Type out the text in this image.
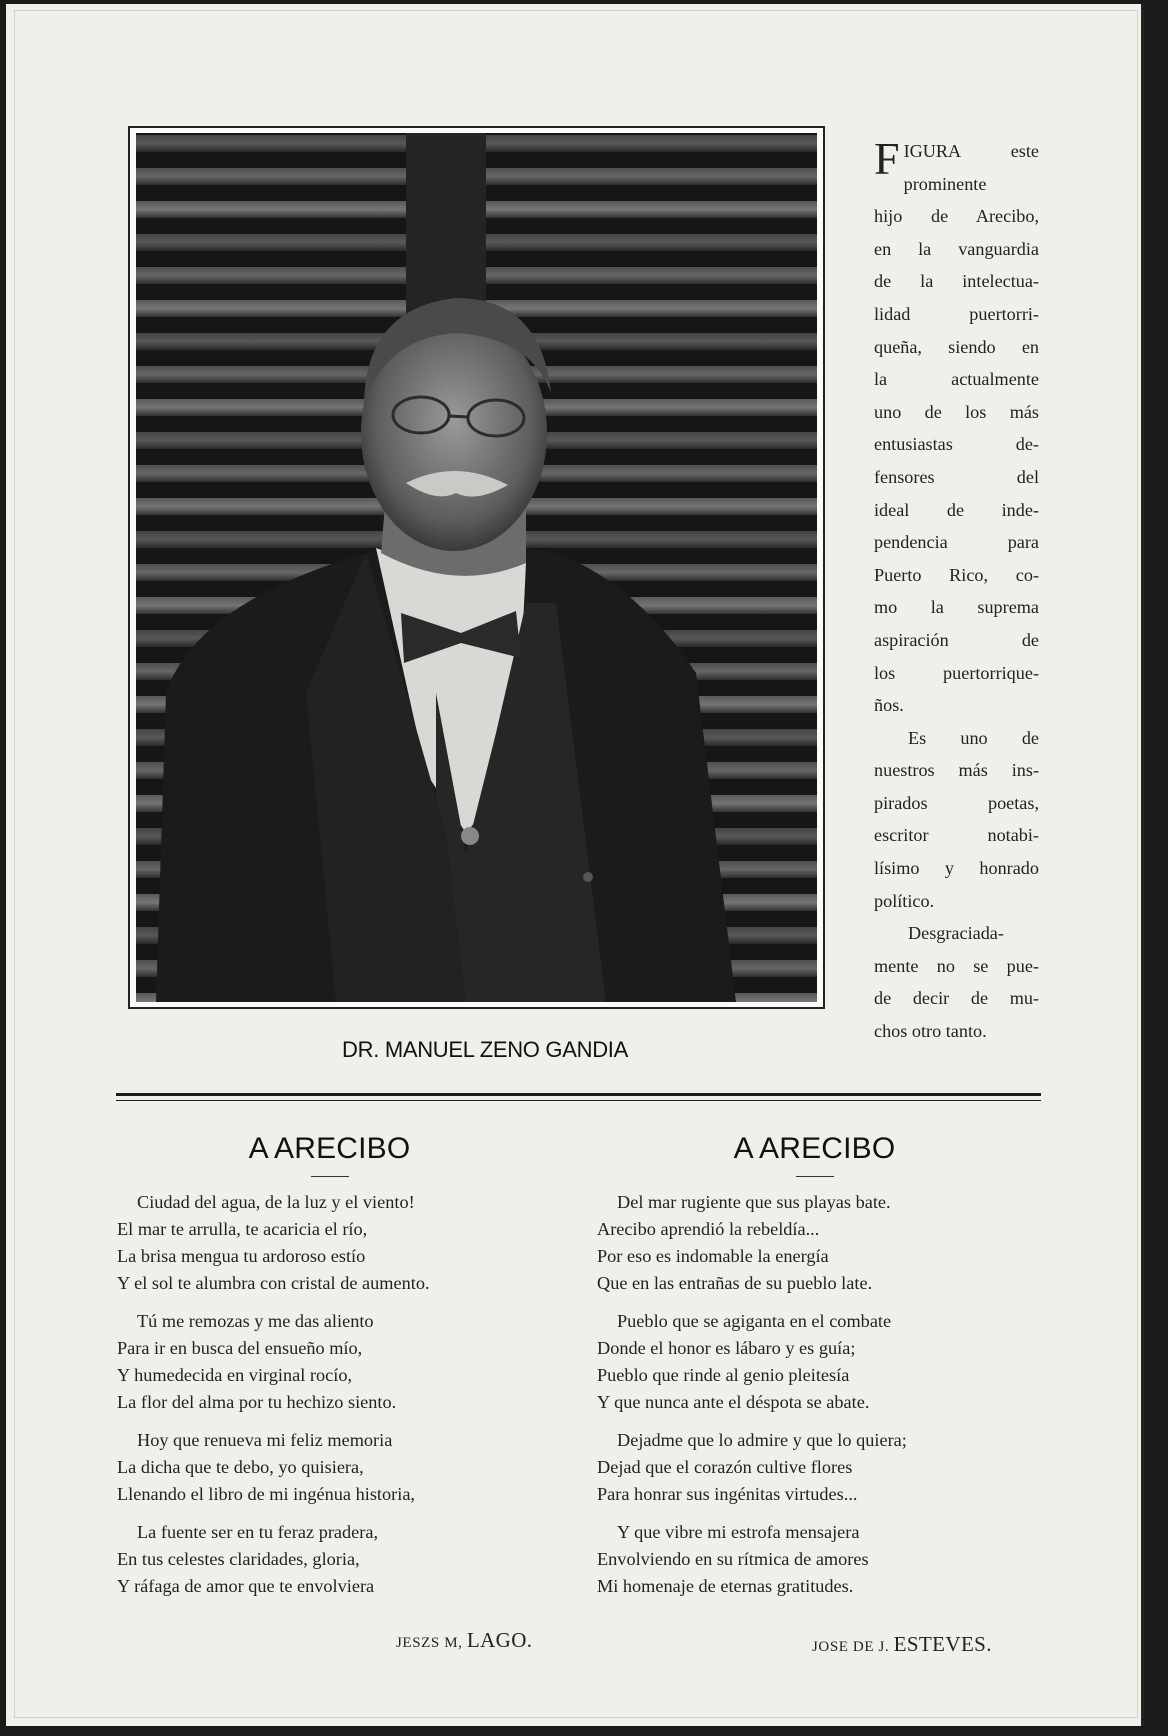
DR. MANUEL ZENO GANDIA
F IGURA este

prominente

hijo de Arecibo,

en la vanguardia

de la intelectua-

lidad puertorri-

queña, siendo en

la actualmente

uno de los más

entusiastas de-

fensores del

ideal de inde-

pendencia para

Puerto Rico, co-

mo la suprema

aspiración de

los puertorrique-

ños.

Es uno de

nuestros más ins-

pirados poetas,

escritor notabi-

lísimo y honrado

político.

Desgraciada-

mente no se pue-

de decir de mu-

chos otro tanto.

A ARECIBO
Ciudad del agua, de la luz y el viento!
El mar te arrulla, te acaricia el río,
La brisa mengua tu ardoroso estío
Y el sol te alumbra con cristal de aumento.
Tú me remozas y me das aliento
Para ir en busca del ensueño mío,
Y humedecida en virginal rocío,
La flor del alma por tu hechizo siento.
Hoy que renueva mi feliz memoria
La dicha que te debo, yo quisiera,
Llenando el libro de mi ingénua historia,
La fuente ser en tu feraz pradera,
En tus celestes claridades, gloria,
Y ráfaga de amor que te envolviera
A ARECIBO
Del mar rugiente que sus playas bate.
Arecibo aprendió la rebeldía...
Por eso es indomable la energía
Que en las entrañas de su pueblo late.
Pueblo que se agiganta en el combate
Donde el honor es lábaro y es guía;
Pueblo que rinde al genio pleitesía
Y que nunca ante el déspota se abate.
Dejadme que lo admire y que lo quiera;
Dejad que el corazón cultive flores
Para honrar sus ingénitas virtudes...
Y que vibre mi estrofa mensajera
Envolviendo en su rítmica de amores
Mi homenaje de eternas gratitudes.
JESZS M, LAGO.	JOSE DE J. ESTEVES.
